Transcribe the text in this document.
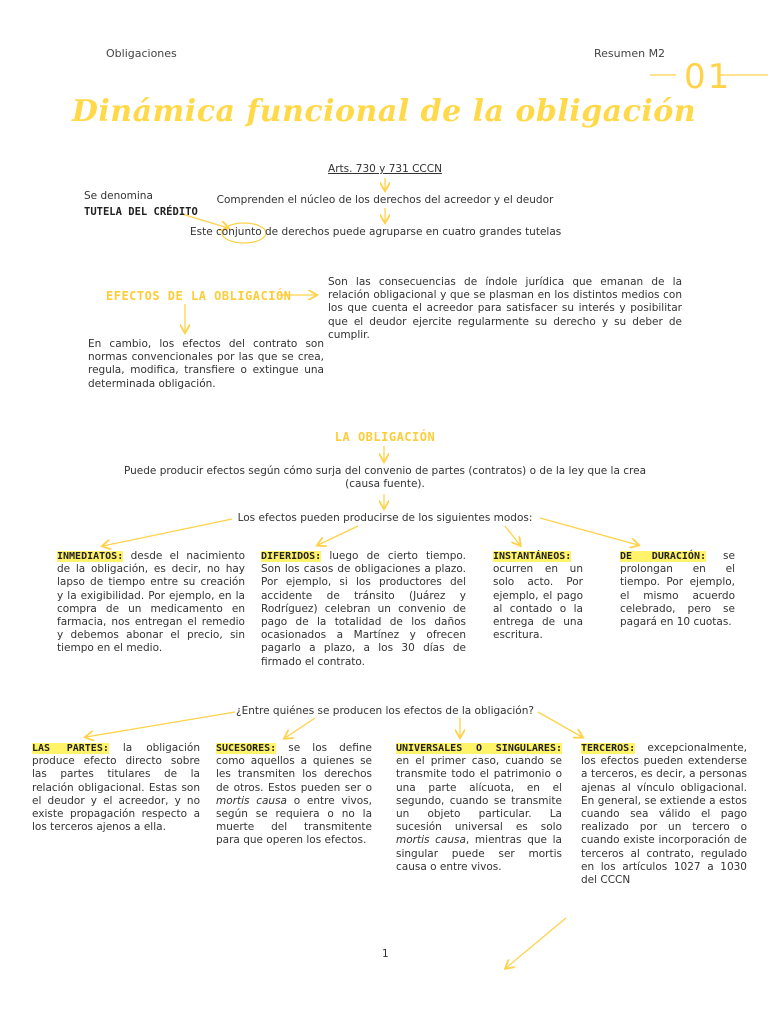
Obligaciones	Resumen M2
01
Dinámica funcional de la obligación
Arts. 730 y 731 CCCN
Comprenden el núcleo de los derechos del acreedor y el deudor
Se denomina
TUTELA DEL CRÉDITO
Este conjunto de derechos puede agruparse en cuatro grandes tutelas
EFECTOS DE LA OBLIGACIÓN
Son las consecuencias de índole jurídica que emanan de la relación obligacional y que se plasman en los distintos medios con los que cuenta el acreedor para satisfacer su interés y posibilitar que el deudor ejercite regularmente su derecho y su deber de cumplir.
En cambio, los efectos del contrato son normas convencionales por las que se crea, regula, modifica, transfiere o extingue una determinada obligación.
LA OBLIGACIÓN
Puede producir efectos según cómo surja del convenio de partes (contratos) o de la ley que la crea (causa fuente).
Los efectos pueden producirse de los siguientes modos:
INMEDIATOS: desde el nacimiento de la obligación, es decir, no hay lapso de tiempo entre su creación y la exigibilidad. Por ejemplo, en la compra de un medicamento en farmacia, nos entregan el remedio y debemos abonar el precio, sin tiempo en el medio.
DIFERIDOS: luego de cierto tiempo. Son los casos de obligaciones a plazo. Por ejemplo, si los productores del accidente de tránsito (Juárez y Rodríguez) celebran un convenio de pago de la totalidad de los daños ocasionados a Martínez y ofrecen pagarlo a plazo, a los 30 días de firmado el contrato.
INSTANTÁNEOS: ocurren en un solo acto. Por ejemplo, el pago al contado o la entrega de una escritura.
DE DURACIÓN: se prolongan en el tiempo. Por ejemplo, el mismo acuerdo celebrado, pero se pagará en 10 cuotas.
¿Entre quiénes se producen los efectos de la obligación?
LAS PARTES: la obligación produce efecto directo sobre las partes titulares de la relación obligacional. Estas son el deudor y el acreedor, y no existe propagación respecto a los terceros ajenos a ella.
SUCESORES: se los define como aquellos a quienes se les transmiten los derechos de otros. Estos pueden ser o mortis causa o entre vivos, según se requiera o no la muerte del transmitente para que operen los efectos.
UNIVERSALES O SINGULARES: en el primer caso, cuando se transmite todo el patrimonio o una parte alícuota, en el segundo, cuando se transmite un objeto particular. La sucesión universal es solo mortis causa, mientras que la singular puede ser mortis causa o entre vivos.
TERCEROS: excepcionalmente, los efectos pueden extenderse a terceros, es decir, a personas ajenas al vínculo obligacional. En general, se extiende a estos cuando sea válido el pago realizado por un tercero o cuando existe incorporación de terceros al contrato, regulado en los artículos 1027 a 1030 del CCCN
1
